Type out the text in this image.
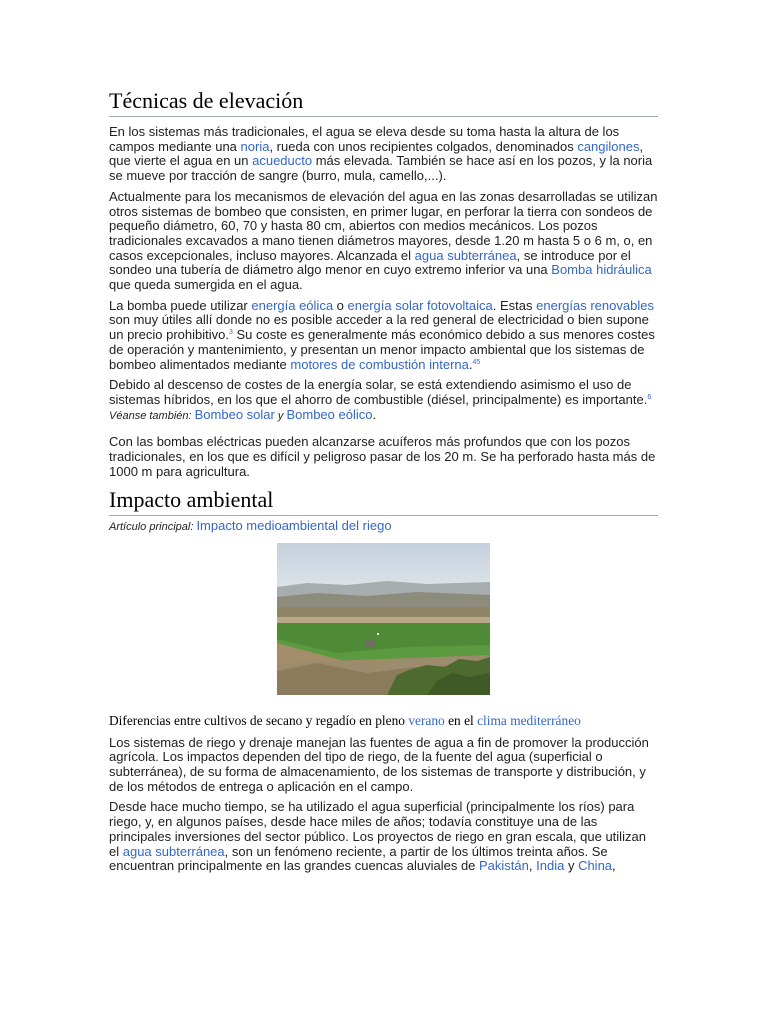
Técnicas de elevación

En los sistemas más tradicionales, el agua se eleva desde su toma hasta la altura de los campos mediante una noria, rueda con unos recipientes colgados, denominados cangilones, que vierte el agua en un acueducto más elevada. También se hace así en los pozos, y la noria se mueve por tracción de sangre (burro, mula, camello,...).

Actualmente para los mecanismos de elevación del agua en las zonas desarrolladas se utilizan otros sistemas de bombeo que consisten, en primer lugar, en perforar la tierra con sondeos de pequeño diámetro, 60, 70 y hasta 80 cm, abiertos con medios mecánicos. Los pozos tradicionales excavados a mano tienen diámetros mayores, desde 1.20 m hasta 5 o 6 m, o, en casos excepcionales, incluso mayores. Alcanzada el agua subterránea, se introduce por el sondeo una tubería de diámetro algo menor en cuyo extremo inferior va una Bomba hidráulica que queda sumergida en el agua.

La bomba puede utilizar energía eólica o energía solar fotovoltaica. Estas energías renovables son muy útiles allí donde no es posible acceder a la red general de electricidad o bien supone un precio prohibitivo.$^3$ Su coste es generalmente más económico debido a sus menores costes de operación y mantenimiento, y presentan un menor impacto ambiental que los sistemas de bombeo alimentados mediante motores de combustión interna.$^{45}$

Debido al descenso de costes de la energía solar, se está extendiendo asimismo el uso de sistemas híbridos, en los que el ahorro de combustible (diésel, principalmente) es importante.$^6$

Véanse también: Bombeo solar y Bombeo eólico.

Con las bombas eléctricas pueden alcanzarse acuíferos más profundos que con los pozos tradicionales, en los que es difícil y peligroso pasar de los 20 m. Se ha perforado hasta más de 1000 m para agricultura.

Impacto ambiental

Artículo principal: Impacto medioambiental del riego

Diferencias entre cultivos de secano y regadío en pleno verano en el clima mediterráneo

Los sistemas de riego y drenaje manejan las fuentes de agua a fin de promover la producción agrícola. Los impactos dependen del tipo de riego, de la fuente del agua (superficial o subterránea), de su forma de almacenamiento, de los sistemas de transporte y distribución, y de los métodos de entrega o aplicación en el campo.

Desde hace mucho tiempo, se ha utilizado el agua superficial (principalmente los ríos) para riego, y, en algunos países, desde hace miles de años; todavía constituye una de las principales inversiones del sector público. Los proyectos de riego en gran escala, que utilizan el agua subterránea, son un fenómeno reciente, a partir de los últimos treinta años. Se encuentran principalmente en las grandes cuencas aluviales de Pakistán, India y China,
